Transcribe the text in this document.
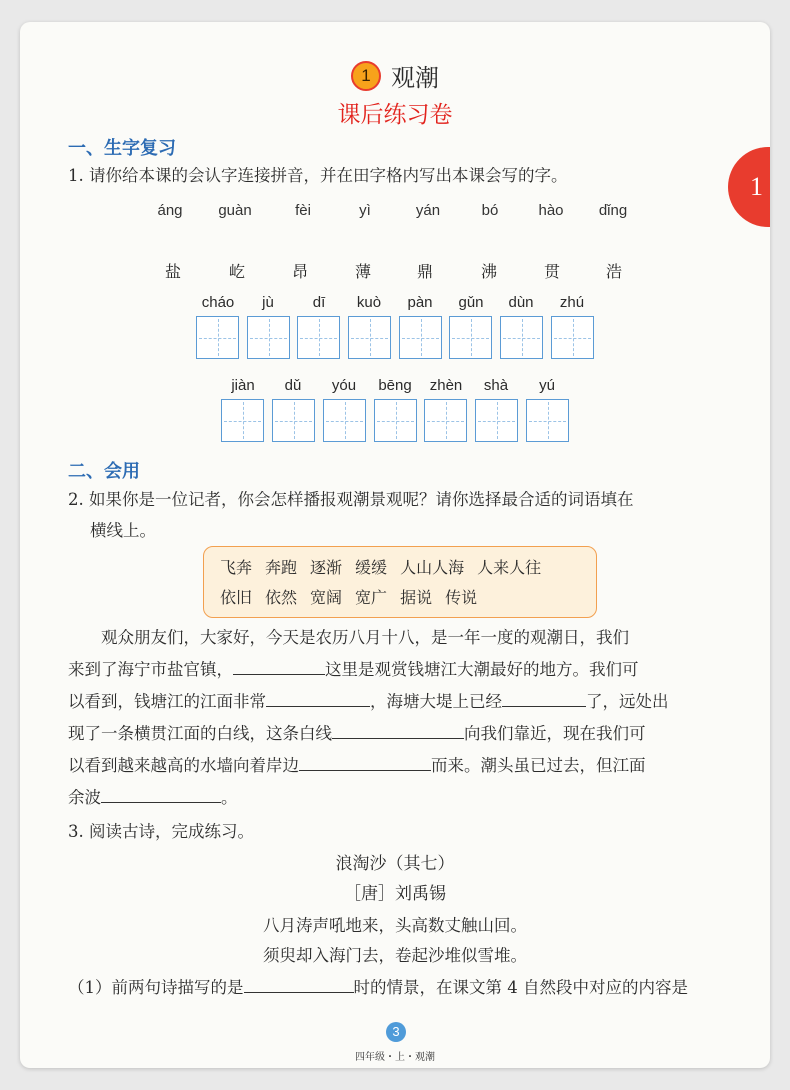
1
1 观潮
课后练习卷
一、生字复习
1. 请你给本课的会认字连接拼音，并在田字格内写出本课会写的字。
áng guàn	fèi	yì	yán	bó	hào dǐng
盐	屹	昂	薄	鼎	沸	贯	浩
cháo jù	dī kuò pàn gǔn dùn zhú
jiàn dǔ yóu bēng zhèn shà yú
二、会用
2. 如果你是一位记者，你会怎样播报观潮景观呢？请你选择最合适的词语填在
横线上。
飞奔 奔跑 逐渐 缓缓 人山人海 人来人往
依旧 依然 宽阔 宽广 据说 传说
观众朋友们，大家好，今天是农历八月十八，是一年一度的观潮日，我们
来到了海宁市盐官镇，	这里是观赏钱塘江大潮最好的地方。我们可
以看到，钱塘江的江面非常	，海塘大堤上已经	了，远处出
现了一条横贯江面的白线，这条白线	向我们靠近，现在我们可
以看到越来越高的水墙向着岸边	而来。潮头虽已过去，但江面
余波	。
3. 阅读古诗，完成练习。
浪淘沙（其七）
［唐］刘禹锡
八月涛声吼地来，头高数丈触山回。
须臾却入海门去，卷起沙堆似雪堆。
（1）前两句诗描写的是	时的情景，在课文第 4 自然段中对应的内容是
3
四年级・上・观潮
